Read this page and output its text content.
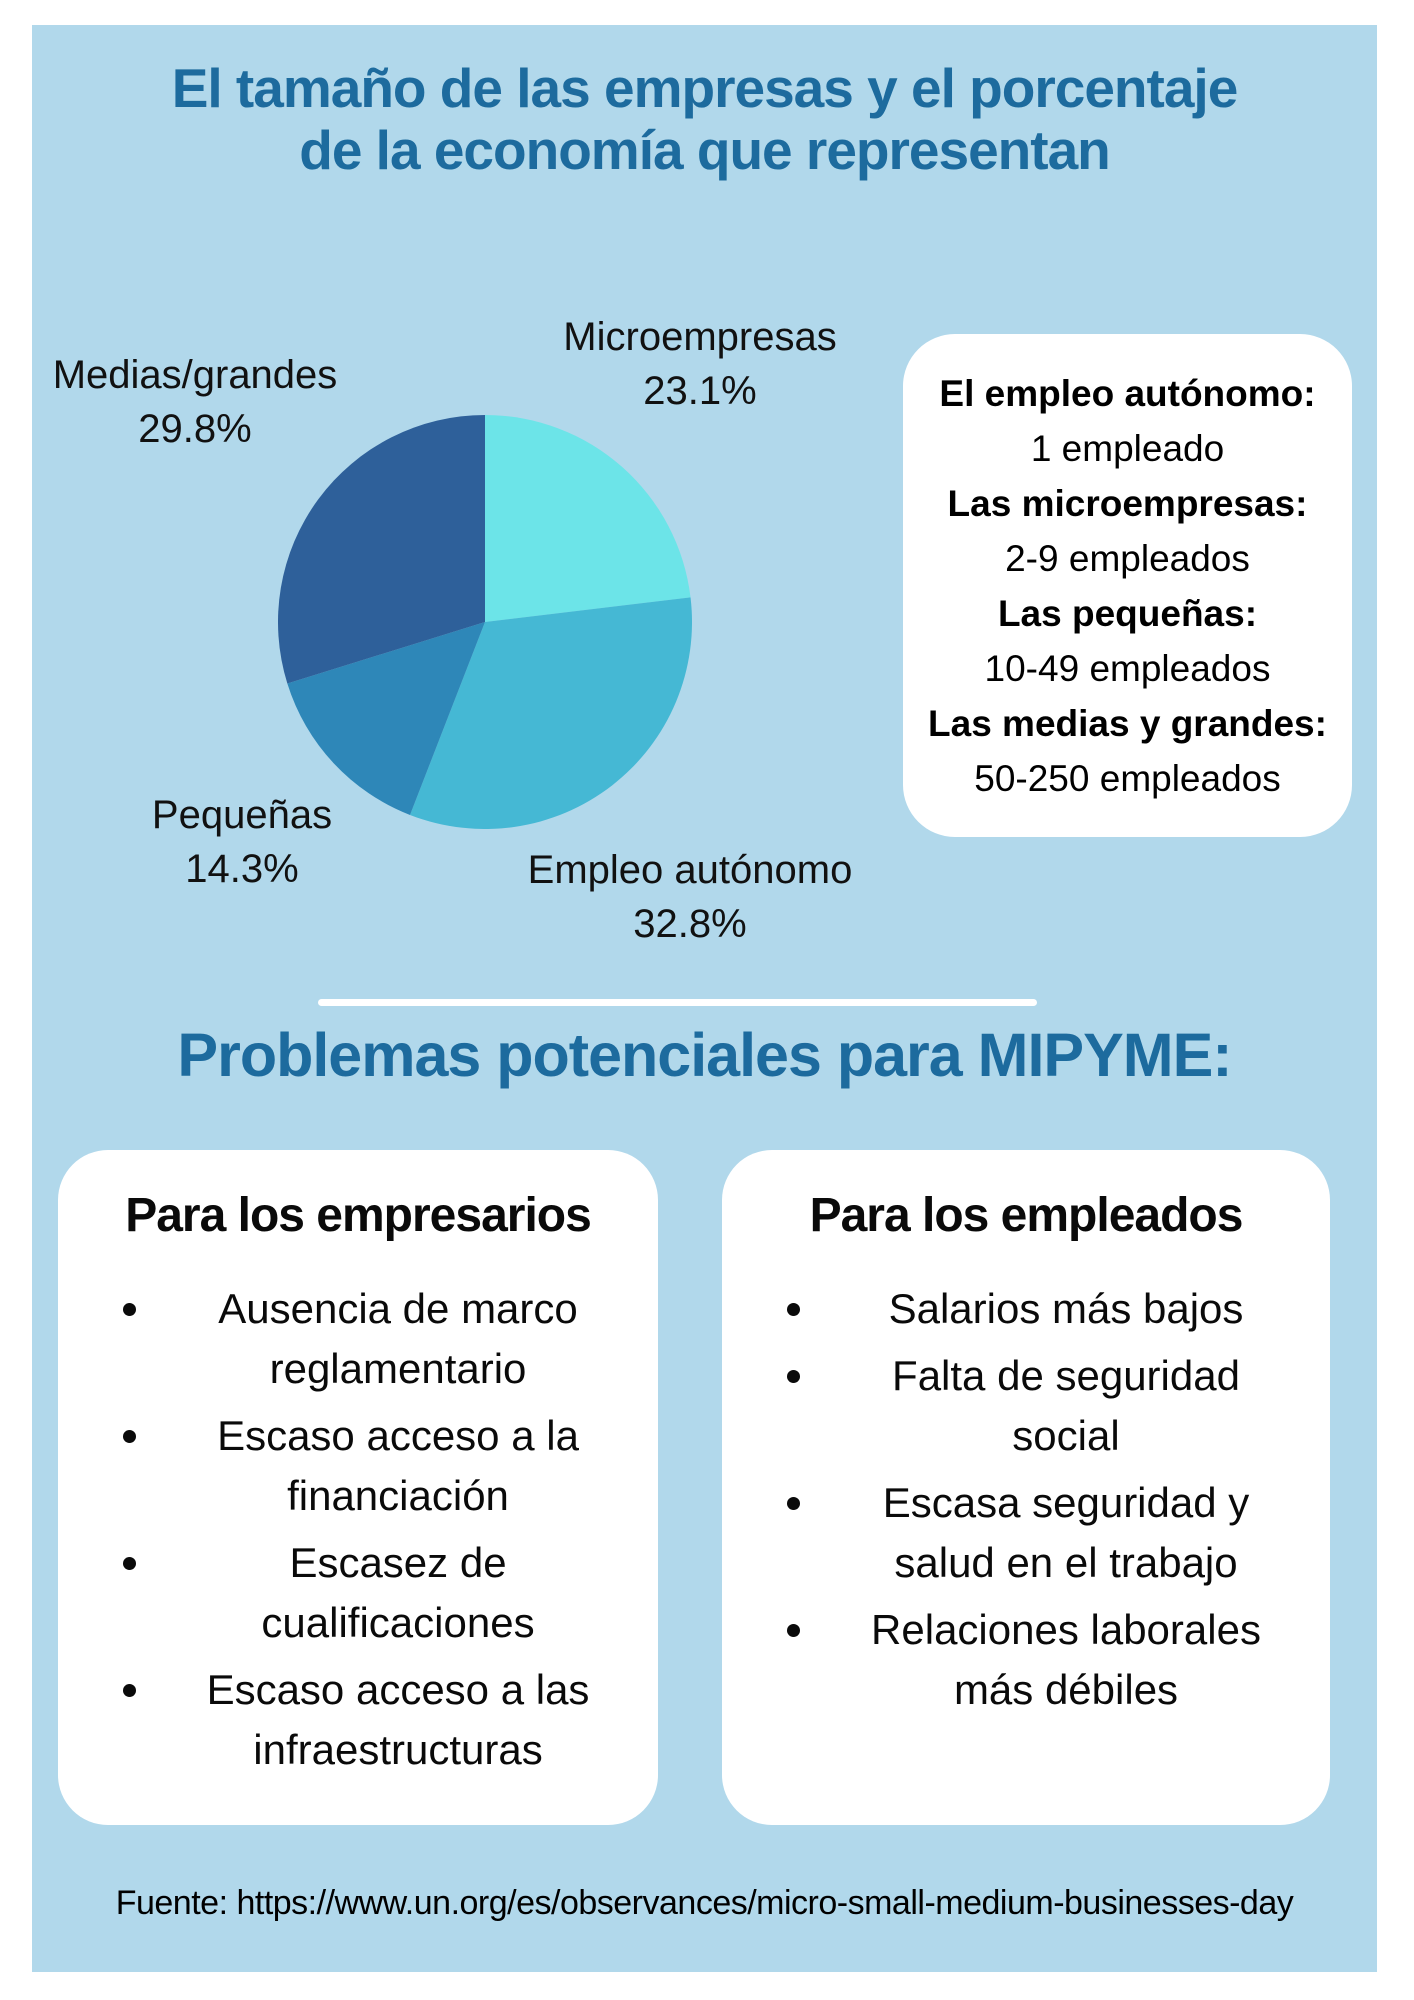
El tamaño de las empresas y el porcentaje
de la economía que representan
Microempresas
23.1%
Medias/grandes
29.8%
Pequeñas
14.3%	Empleo autónomo
32.8%
El empleo autónomo:
1 empleado
Las microempresas:
2-9 empleados
Las pequeñas:
10-49 empleados
Las medias y grandes:
50-250 empleados
Problemas potenciales para MIPYME:
Para los empresarios
Ausencia de marco reglamentario
Escaso acceso a la financiación
Escasez de cualificaciones
Escaso acceso a las infraestructuras
Para los empleados
Salarios más bajos
Falta de seguridad social
Escasa seguridad y salud en el trabajo
Relaciones laborales más débiles
Fuente: https://www.un.org/es/observances/micro-small-medium-businesses-day
